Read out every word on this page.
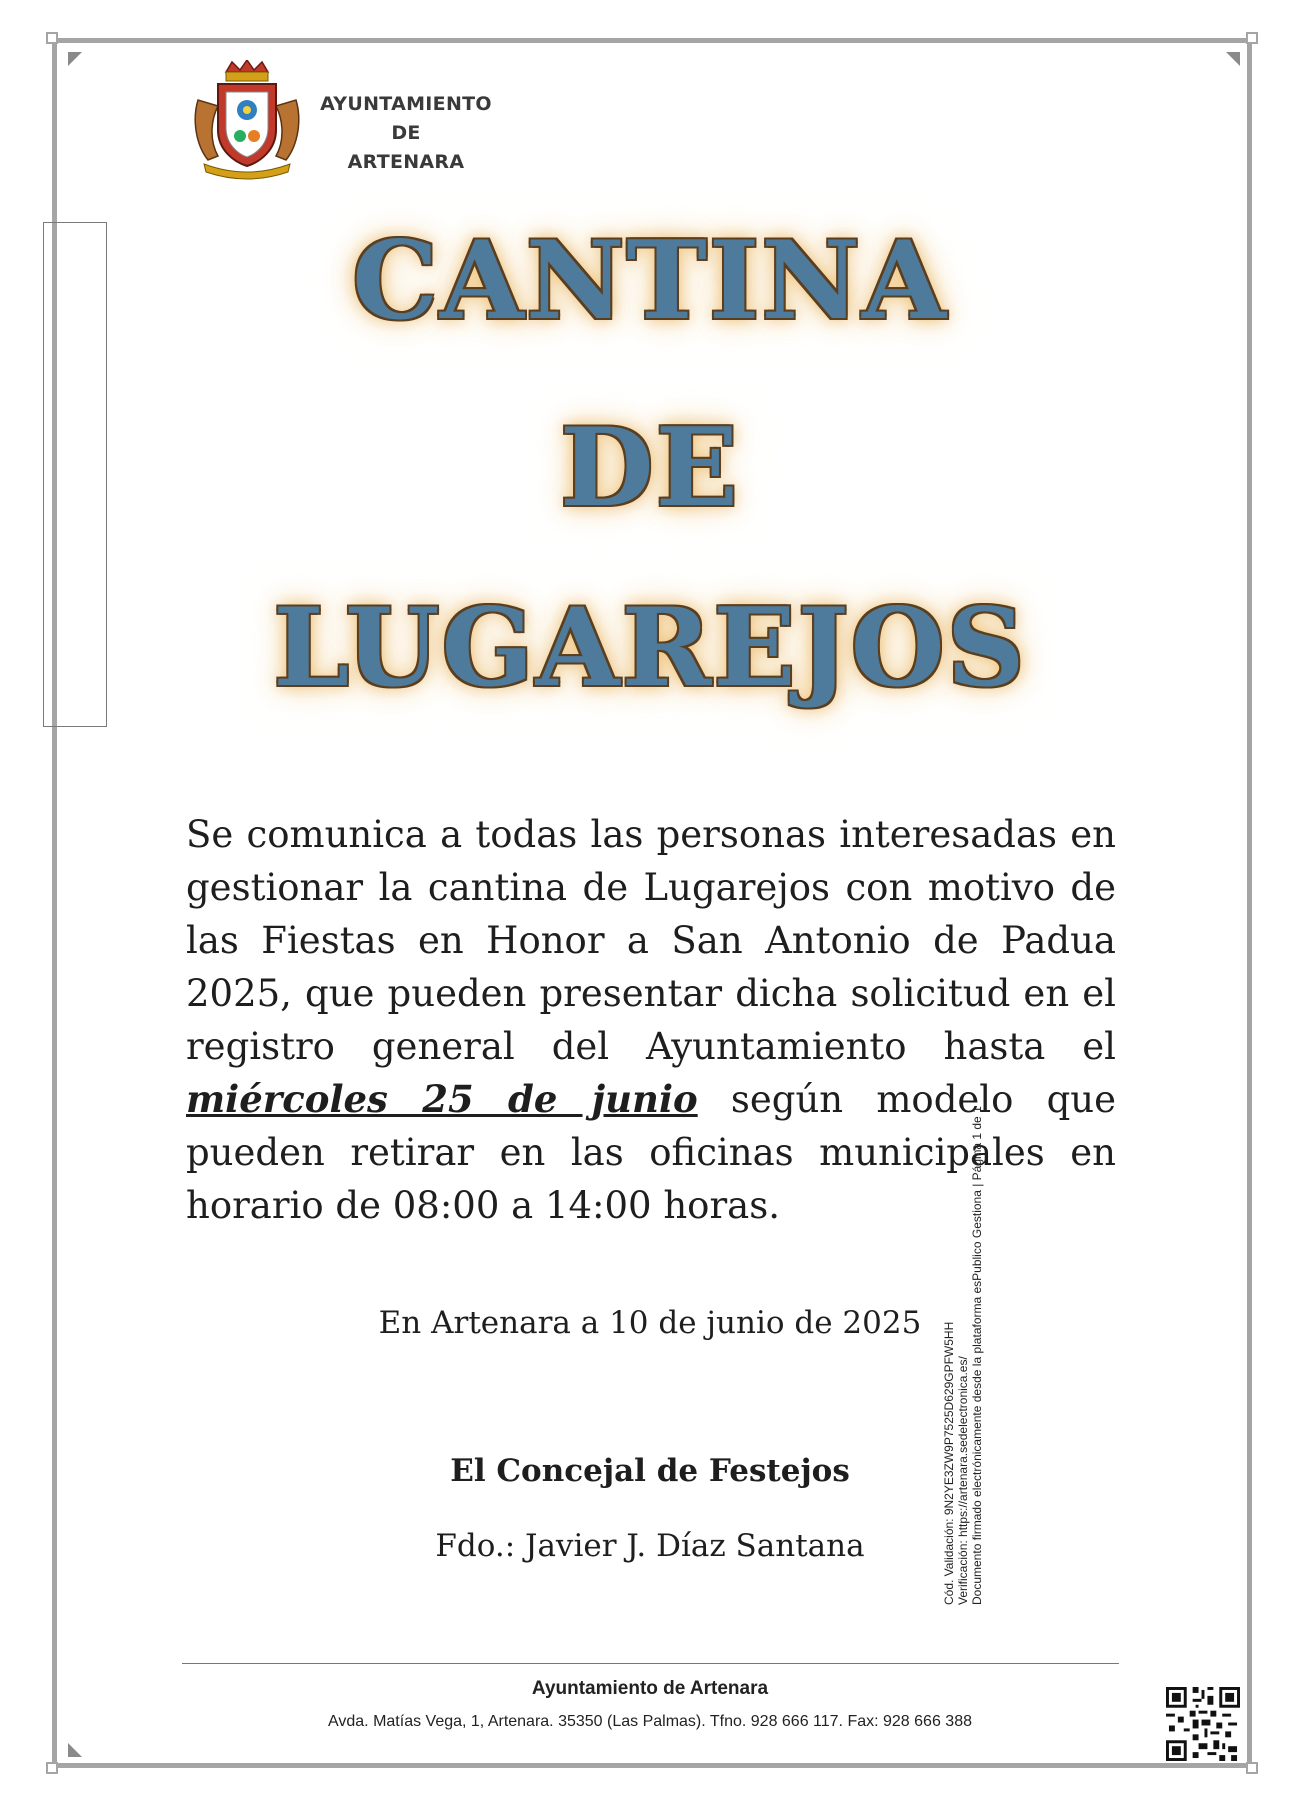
AYUNTAMIENTO DE
ARTENARA
CANTINA
DE
LUGAREJOS
Se comunica a todas las personas interesadas en gestionar la cantina de Lugarejos con motivo de las Fiestas en Honor a San Antonio de Padua 2025, que pueden presentar dicha solicitud en el registro general del Ayuntamiento hasta el miércoles 25 de junio según modelo que pueden retirar en las oficinas municipales en horario de 08:00 a 14:00 horas.
En Artenara a 10 de junio de 2025
El Concejal de Festejos
Fdo.: Javier J. Díaz Santana
Ayuntamiento de Artenara
Avda. Matías Vega, 1, Artenara. 35350 (Las Palmas). Tfno. 928 666 117. Fax: 928 666 388
Cód. Validación: 9N2YE3ZW9P7525D629GPFW5HH Verificación: https://artenara.sedelectronica.es/ Documento firmado electrónicamente desde la plataforma esPublico Gestiona | Página 1 de 1
